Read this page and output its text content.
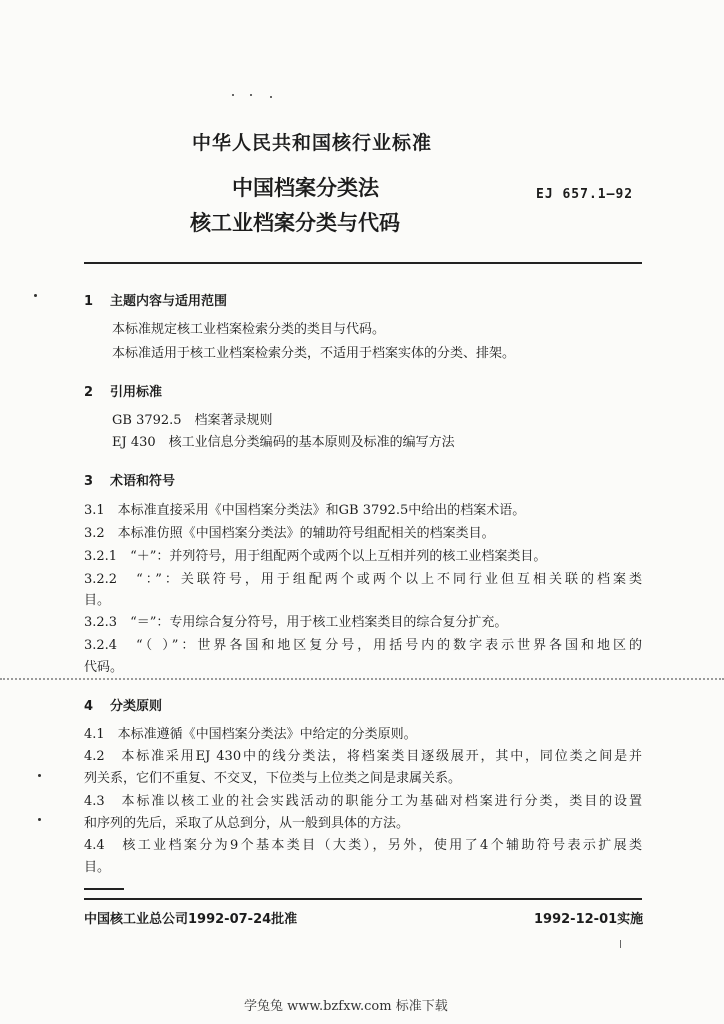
中华人民共和国核行业标准
中国档案分类法
核工业档案分类与代码
EJ 657.1—92
1 主题内容与适用范围
本标准规定核工业档案检索分类的类目与代码。
本标准适用于核工业档案检索分类，不适用于档案实体的分类、排架。
2 引用标准
GB 3792.5　档案著录规则
EJ 430　核工业信息分类编码的基本原则及标准的编写方法
3 术语和符号
3.1　本标准直接采用《中国档案分类法》和GB 3792.5中给出的档案术语。
3.2　本标准仿照《中国档案分类法》的辅助符号组配相关的档案类目。
3.2.1　“＋”：并列符号，用于组配两个或两个以上互相并列的核工业档案类目。
3.2.2　“：”：关联符号，用于组配两个或两个以上不同行业但互相关联的档案类
目。
3.2.3　“＝”：专用综合复分符号，用于核工业档案类目的综合复分扩充。
3.2.4　“（ ）”：世界各国和地区复分号，用括号内的数字表示世界各国和地区的
代码。
4 分类原则
4.1　本标准遵循《中国档案分类法》中给定的分类原则。
4.2　本标准采用EJ 430中的线分类法，将档案类目逐级展开，其中，同位类之间是并
列关系，它们不重复、不交叉，下位类与上位类之间是隶属关系。
4.3　本标准以核工业的社会实践活动的职能分工为基础对档案进行分类，类目的设置
和序列的先后，采取了从总到分，从一般到具体的方法。
4.4　核工业档案分为9个基本类目（大类），另外，使用了4个辅助符号表示扩展类
目。
中国核工业总公司1992-07-24批准	1992-12-01实施
学兔兔 www.bzfxw.com 标准下载
